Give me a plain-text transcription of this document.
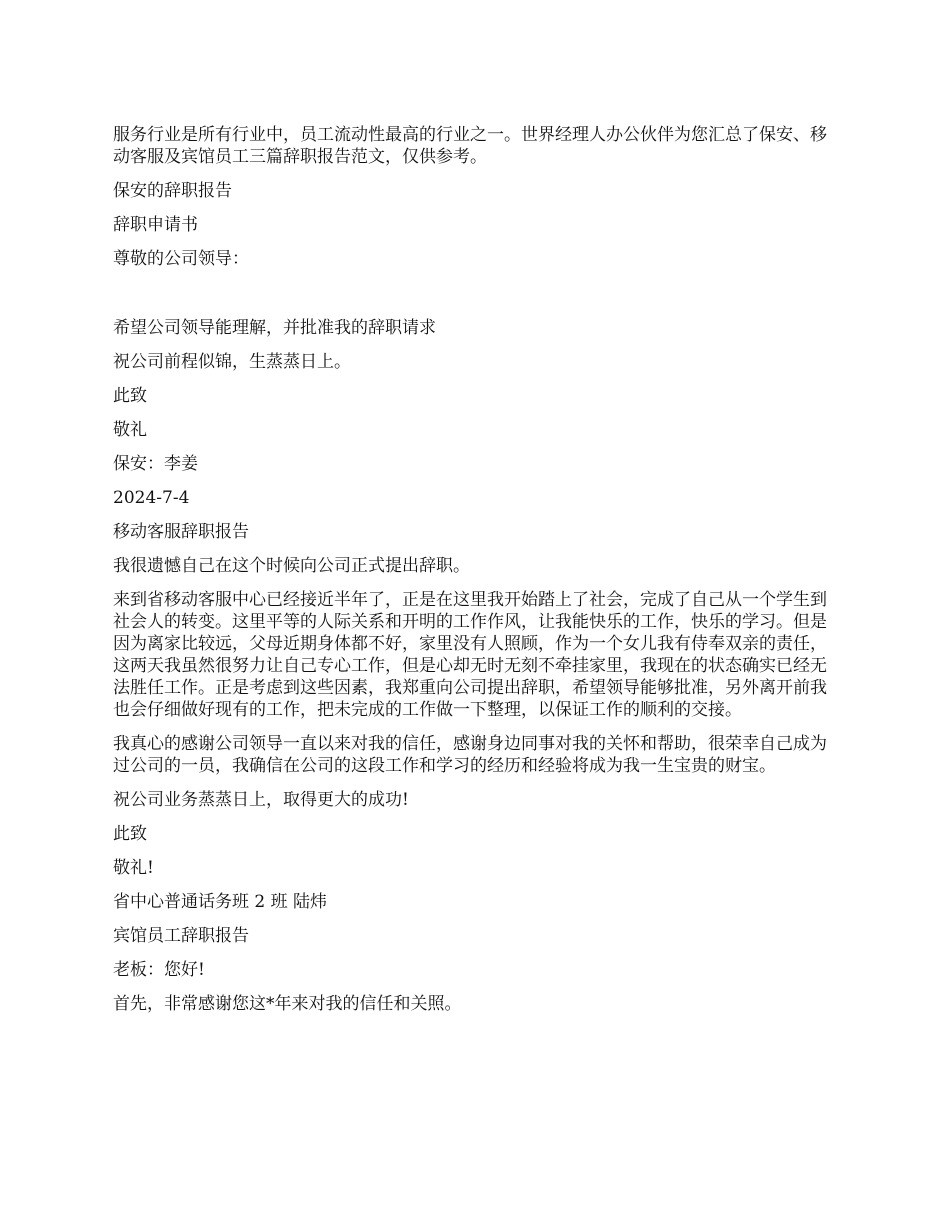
服务行业是所有行业中，员工流动性最高的行业之一。世界经理人办公伙伴为您汇总了保安、移动客服及宾馆员工三篇辞职报告范文，仅供参考。

保安的辞职报告

辞职申请书

尊敬的公司领导：

希望公司领导能理解，并批准我的辞职请求

祝公司前程似锦，生蒸蒸日上。

此致

敬礼

保安：李姜

2024-7-4

移动客服辞职报告

我很遗憾自己在这个时候向公司正式提出辞职。

来到省移动客服中心已经接近半年了，正是在这里我开始踏上了社会，完成了自己从一个学生到社会人的转变。这里平等的人际关系和开明的工作作风，让我能快乐的工作，快乐的学习。但是因为离家比较远，父母近期身体都不好，家里没有人照顾，作为一个女儿我有侍奉双亲的责任，这两天我虽然很努力让自己专心工作，但是心却无时无刻不牵挂家里，我现在的状态确实已经无法胜任工作。正是考虑到这些因素，我郑重向公司提出辞职，希望领导能够批准，另外离开前我也会仔细做好现有的工作，把未完成的工作做一下整理，以保证工作的顺利的交接。

我真心的感谢公司领导一直以来对我的信任，感谢身边同事对我的关怀和帮助，很荣幸自己成为过公司的一员，我确信在公司的这段工作和学习的经历和经验将成为我一生宝贵的财宝。

祝公司业务蒸蒸日上，取得更大的成功!

此致

敬礼!

省中心普通话务班 2 班 陆炜

宾馆员工辞职报告

老板：您好!

首先，非常感谢您这*年来对我的信任和关照。
